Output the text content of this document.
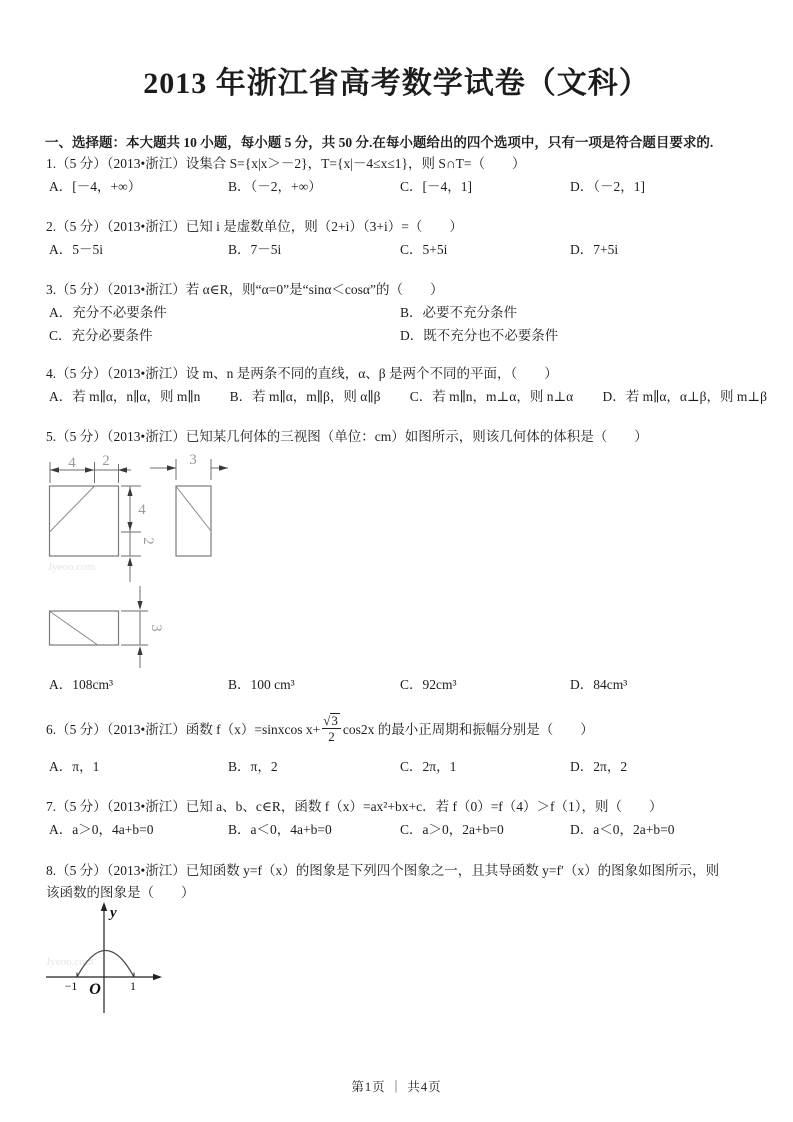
2013 年浙江省高考数学试卷（文科）
一、选择题：本大题共 10 小题，每小题 5 分，共 50 分.在每小题给出的四个选项中，只有一项是符合题目要求的.
1.（5 分）（2013•浙江）设集合 S={x|x＞－2}，T={x|－4≤x≤1}，则 S∩T=（　　）
A．[－4，+∞）	B．（－2，+∞）	C．[－4，1]	D．（－2，1]
2.（5 分）（2013•浙江）已知 i 是虚数单位，则（2+i）（3+i）=（　　）
A．5－5i	B．7－5i	C．5+5i	D．7+5i
3.（5 分）（2013•浙江）若 α∈R，则“α=0”是“sinα＜cosα”的（　　）
A．充分不必要条件	B．必要不充分条件
C．充分必要条件	D．既不充分也不必要条件
4.（5 分）（2013•浙江）设 m、n 是两条不同的直线，α、β 是两个不同的平面，（　　）
A．若 m∥α，n∥α，则 m∥n B．若 m∥α，m∥β，则 α∥β C．若 m∥n，m⊥α，则 n⊥α D．若 m∥α，α⊥β，则 m⊥β
5.（5 分）（2013•浙江）已知某几何体的三视图（单位：cm）如图所示，则该几何体的体积是（　　）
Jyeoo.com
4 2	3
4
2
3
A．108cm³	B．100 cm³	C．92cm³	D．84cm³
6.（5 分）（2013•浙江）函数 f（x）=sinxcos $x+ \frac{√ 3}{2} \cos 2x$ 的最小正周期和振幅分别是（　　）
A．π，1	B．π，2	C．2π，1	D．2π，2
7.（5 分）（2013•浙江）已知 a、b、c∈R，函数 f（x）=ax²+bx+c．若 f（0）=f（4）＞f（1），则（　　）
A．a＞0，4a+b=0	B．a＜0，4a+b=0	C．a＞0，2a+b=0	D．a＜0，2a+b=0
8.（5 分）（2013•浙江）已知函数 y=f（x）的图象是下列四个图象之一，且其导函数 y=f′（x）的图象如图所示，则
该函数的图象是（　　）
Jyeoo.com
y
O
−1	1
第1页 ｜ 共4页
